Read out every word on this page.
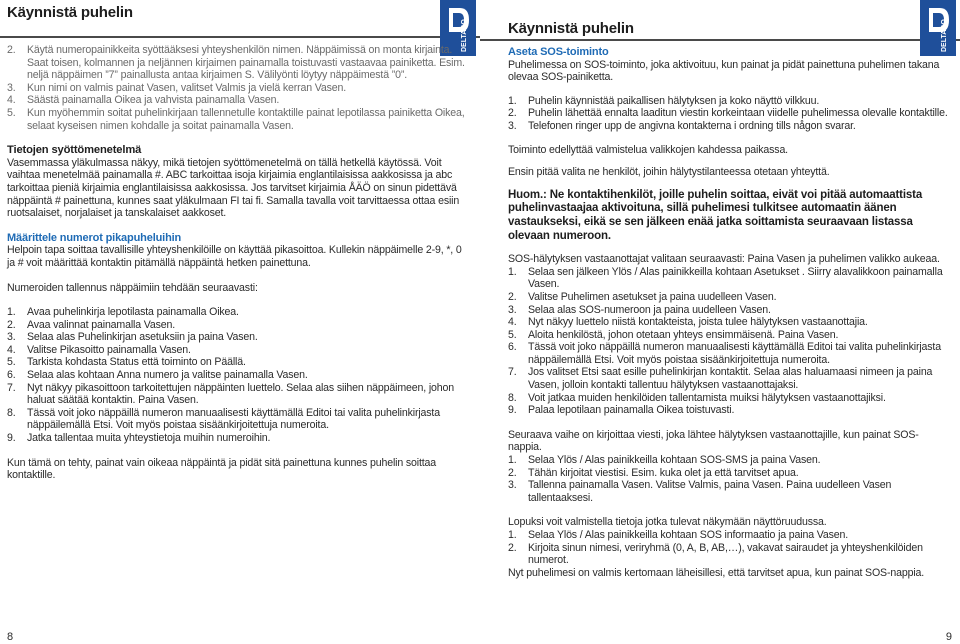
Käynnistä puhelin
DELTACO
2. Käytä numeropainikkeita syöttääksesi yhteyshenkilön nimen. Näppäimissä on monta kirjainta. Saat toisen, kolmannen ja neljännen kirjaimen painamalla toistuvasti vastaavaa painiketta. Esim. neljä näppäimen ”7” painallusta antaa kirjaimen S. Välilyönti löytyy näppäimestä ”0”.
3. Kun nimi on valmis painat Vasen, valitset Valmis ja vielä kerran Vasen.
4. Säästä painamalla Oikea ja vahvista painamalla Vasen.
5. Kun myöhemmin soitat puhelinkirjaan tallennetulle kontaktille painat lepotilassa painiketta Oikea, selaat kyseisen nimen kohdalle ja soitat painamalla Vasen.

Tietojen syöttömenetelmä

Vasemmassa yläkulmassa näkyy, mikä tietojen syöttömenetelmä on tällä hetkellä käytössä. Voit vaihtaa menetelmää painamalla #. ABC tarkoittaa isoja kirjaimia englantilaisissa aakkosissa ja abc tarkoittaa pieniä kirjaimia englantilaisissa aakkosissa. Jos tarvitset kirjaimia ÅÄÖ on sinun pidettävä näppäintä # painettuna, kunnes saat yläkulmaan FI tai fi. Samalla tavalla voit tarvittaessa ottaa esiin ruotsalaiset, norjalaiset ja tanskalaiset aakkoset.

Määrittele numerot pikapuheluihin

Helpoin tapa soittaa tavallisille yhteyshenkilöille on käyttää pikasoittoa. Kullekin näppäimelle 2-9, *, 0 ja # voit määrittää kontaktin pitämällä näppäintä hetken painettuna.

Numeroiden tallennus näppäimiin tehdään seuraavasti:

1. Avaa puhelinkirja lepotilasta painamalla Oikea.
2. Avaa valinnat painamalla Vasen.
3. Selaa alas Puhelinkirjan asetuksiin ja paina Vasen.
4. Valitse Pikasoitto painamalla Vasen.
5. Tarkista kohdasta Status että toiminto on Päällä.
6. Selaa alas kohtaan Anna numero ja valitse painamalla Vasen.
7. Nyt näkyy pikasoittoon tarkoitettujen näppäinten luettelo. Selaa alas siihen näppäimeen, johon haluat säätää kontaktin. Paina Vasen.
8. Tässä voit joko näppäillä numeron manuaalisesti käyttämällä Editoi tai valita puhelinkirjasta näppäilemällä Etsi. Voit myös poistaa sisäänkirjoitettuja numeroita.
9. Jatka tallentaa muita yhteystietoja muihin numeroihin.

Kun tämä on tehty, painat vain oikeaa näppäintä ja pidät sitä painettuna kunnes puhelin soittaa kontaktille.

8
Käynnistä puhelin	DELTACO

Aseta SOS-toiminto

Puhelimessa on SOS-toiminto, joka aktivoituu, kun painat ja pidät painettuna puhelimen takana olevaa SOS-painiketta.

1. Puhelin käynnistää paikallisen hälytyksen ja koko näyttö vilkkuu.
2. Puhelin lähettää ennalta laaditun viestin korkeintaan viidelle puhelimessa olevalle kontaktille.
3. Telefonen ringer upp de angivna kontakterna i ordning tills någon svarar.

Toiminto edellyttää valmistelua valikkojen kahdessa paikassa.

Ensin pitää valita ne henkilöt, joihin hälytystilanteessa otetaan yhteyttä.

Huom.: Ne kontaktihenkilöt, joille puhelin soittaa, eivät voi pitää automaattista puhelinvastaajaa aktivoituna, sillä puhelimesi tulkitsee automaatin äänen vastaukseksi, eikä se sen jälkeen enää jatka soittamista seuraavaan listassa olevaan numeroon.

SOS-hälytyksen vastaanottajat valitaan seuraavasti: Paina Vasen ja puhelimen valikko aukeaa.

1. Selaa sen jälkeen Ylös / Alas painikkeilla kohtaan Asetukset . Siirry alavalikkoon painamalla Vasen.
2. Valitse Puhelimen asetukset ja paina uudelleen Vasen.
3. Selaa alas SOS-numeroon ja paina uudelleen Vasen.
4. Nyt näkyy luettelo niistä kontakteista, joista tulee hälytyksen vastaanottajia.
5. Aloita henkilöstä, johon otetaan yhteys ensimmäisenä. Paina Vasen.
6. Tässä voit joko näppäillä numeron manuaalisesti käyttämällä Editoi tai valita puhelinkirjasta näppäilemällä Etsi. Voit myös poistaa sisäänkirjoitettuja numeroita.
7. Jos valitset Etsi saat esille puhelinkirjan kontaktit. Selaa alas haluamaasi nimeen ja paina Vasen, jolloin kontakti tallentuu hälytyksen vastaanottajaksi.
8. Voit jatkaa muiden henkilöiden tallentamista muiksi hälytyksen vastaanottajiksi.
9. Palaa lepotilaan painamalla Oikea toistuvasti.

Seuraava vaihe on kirjoittaa viesti, joka lähtee hälytyksen vastaanottajille, kun painat SOS-nappia.

1. Selaa Ylös / Alas painikkeilla kohtaan SOS-SMS ja paina Vasen.
2. Tähän kirjoitat viestisi. Esim. kuka olet ja että tarvitset apua.
3. Tallenna painamalla Vasen. Valitse Valmis, paina Vasen. Paina uudelleen Vasen tallentaaksesi.

Lopuksi voit valmistella tietoja jotka tulevat näkymään näyttöruudussa.

1. Selaa Ylös / Alas painikkeilla kohtaan SOS informaatio ja paina Vasen.
2. Kirjoita sinun nimesi, veriryhmä (0, A, B, AB,…), vakavat sairaudet ja yhteyshenkilöiden numerot.

Nyt puhelimesi on valmis kertomaan läheisillesi, että tarvitset apua, kun painat SOS-nappia.

9
